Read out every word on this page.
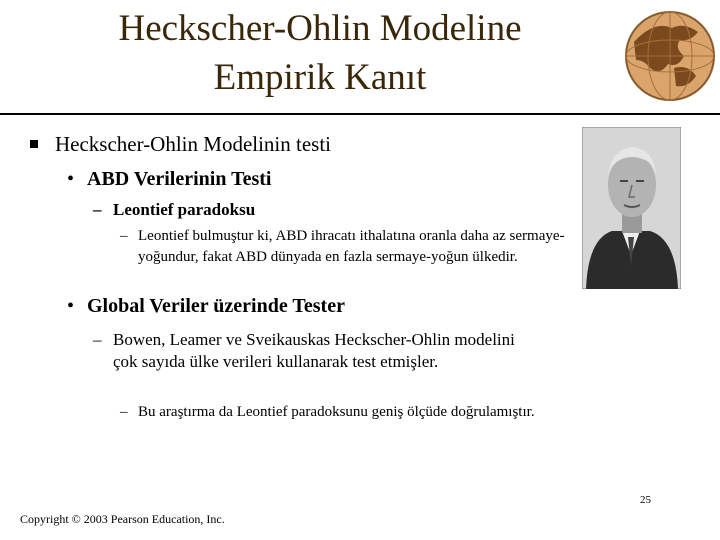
Heckscher-Ohlin Modeline
Empirik Kanıt
Heckscher-Ohlin Modelinin testi
• ABD Verilerinin Testi
– Leontief paradoksu
– Leontief bulmuştur ki, ABD ihracatı ithalatına oranla daha az sermaye-yoğundur, fakat ABD dünyada en fazla sermaye-yoğun ülkedir.
• Global Veriler üzerinde Tester
– Bowen, Leamer ve Sveikauskas Heckscher-Ohlin modelini çok sayıda ülke verileri kullanarak test etmişler.
– Bu araştırma da Leontief paradoksunu geniş ölçüde doğrulamıştır.
25
Copyright © 2003 Pearson Education, Inc.
